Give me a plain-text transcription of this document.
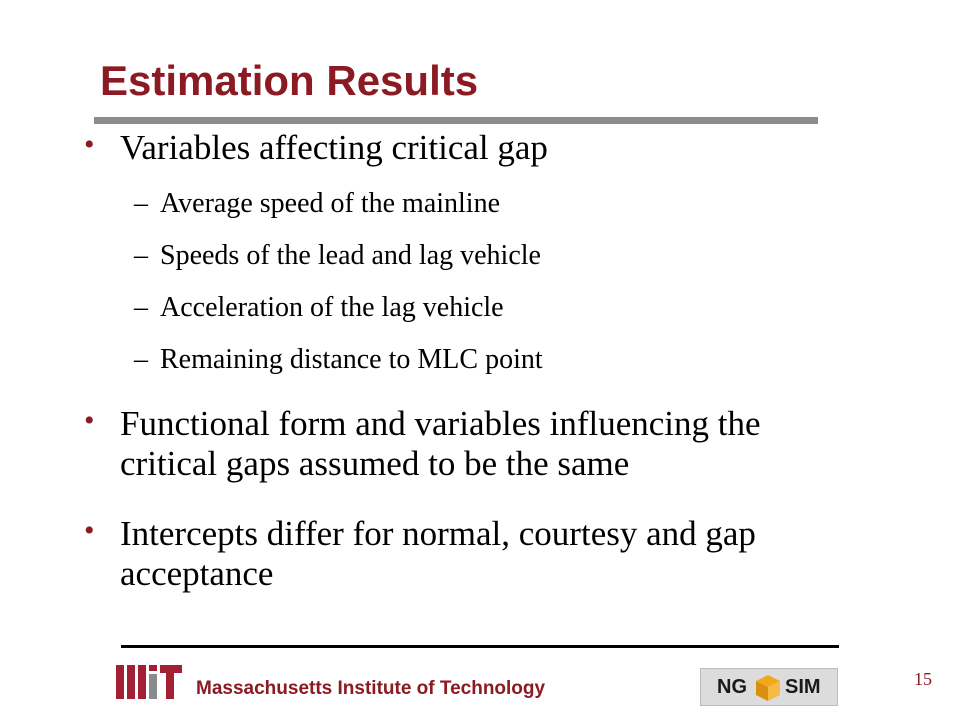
Estimation Results
• Variables affecting critical gap
– Average speed of the mainline
– Speeds of the lead and lag vehicle
– Acceleration of the lag vehicle
– Remaining distance to MLC point
• Functional form and variables influencing the critical gaps assumed to be the same
• Intercepts differ for normal, courtesy and gap acceptance
Massachusetts Institute of Technology	NG SIM	15
